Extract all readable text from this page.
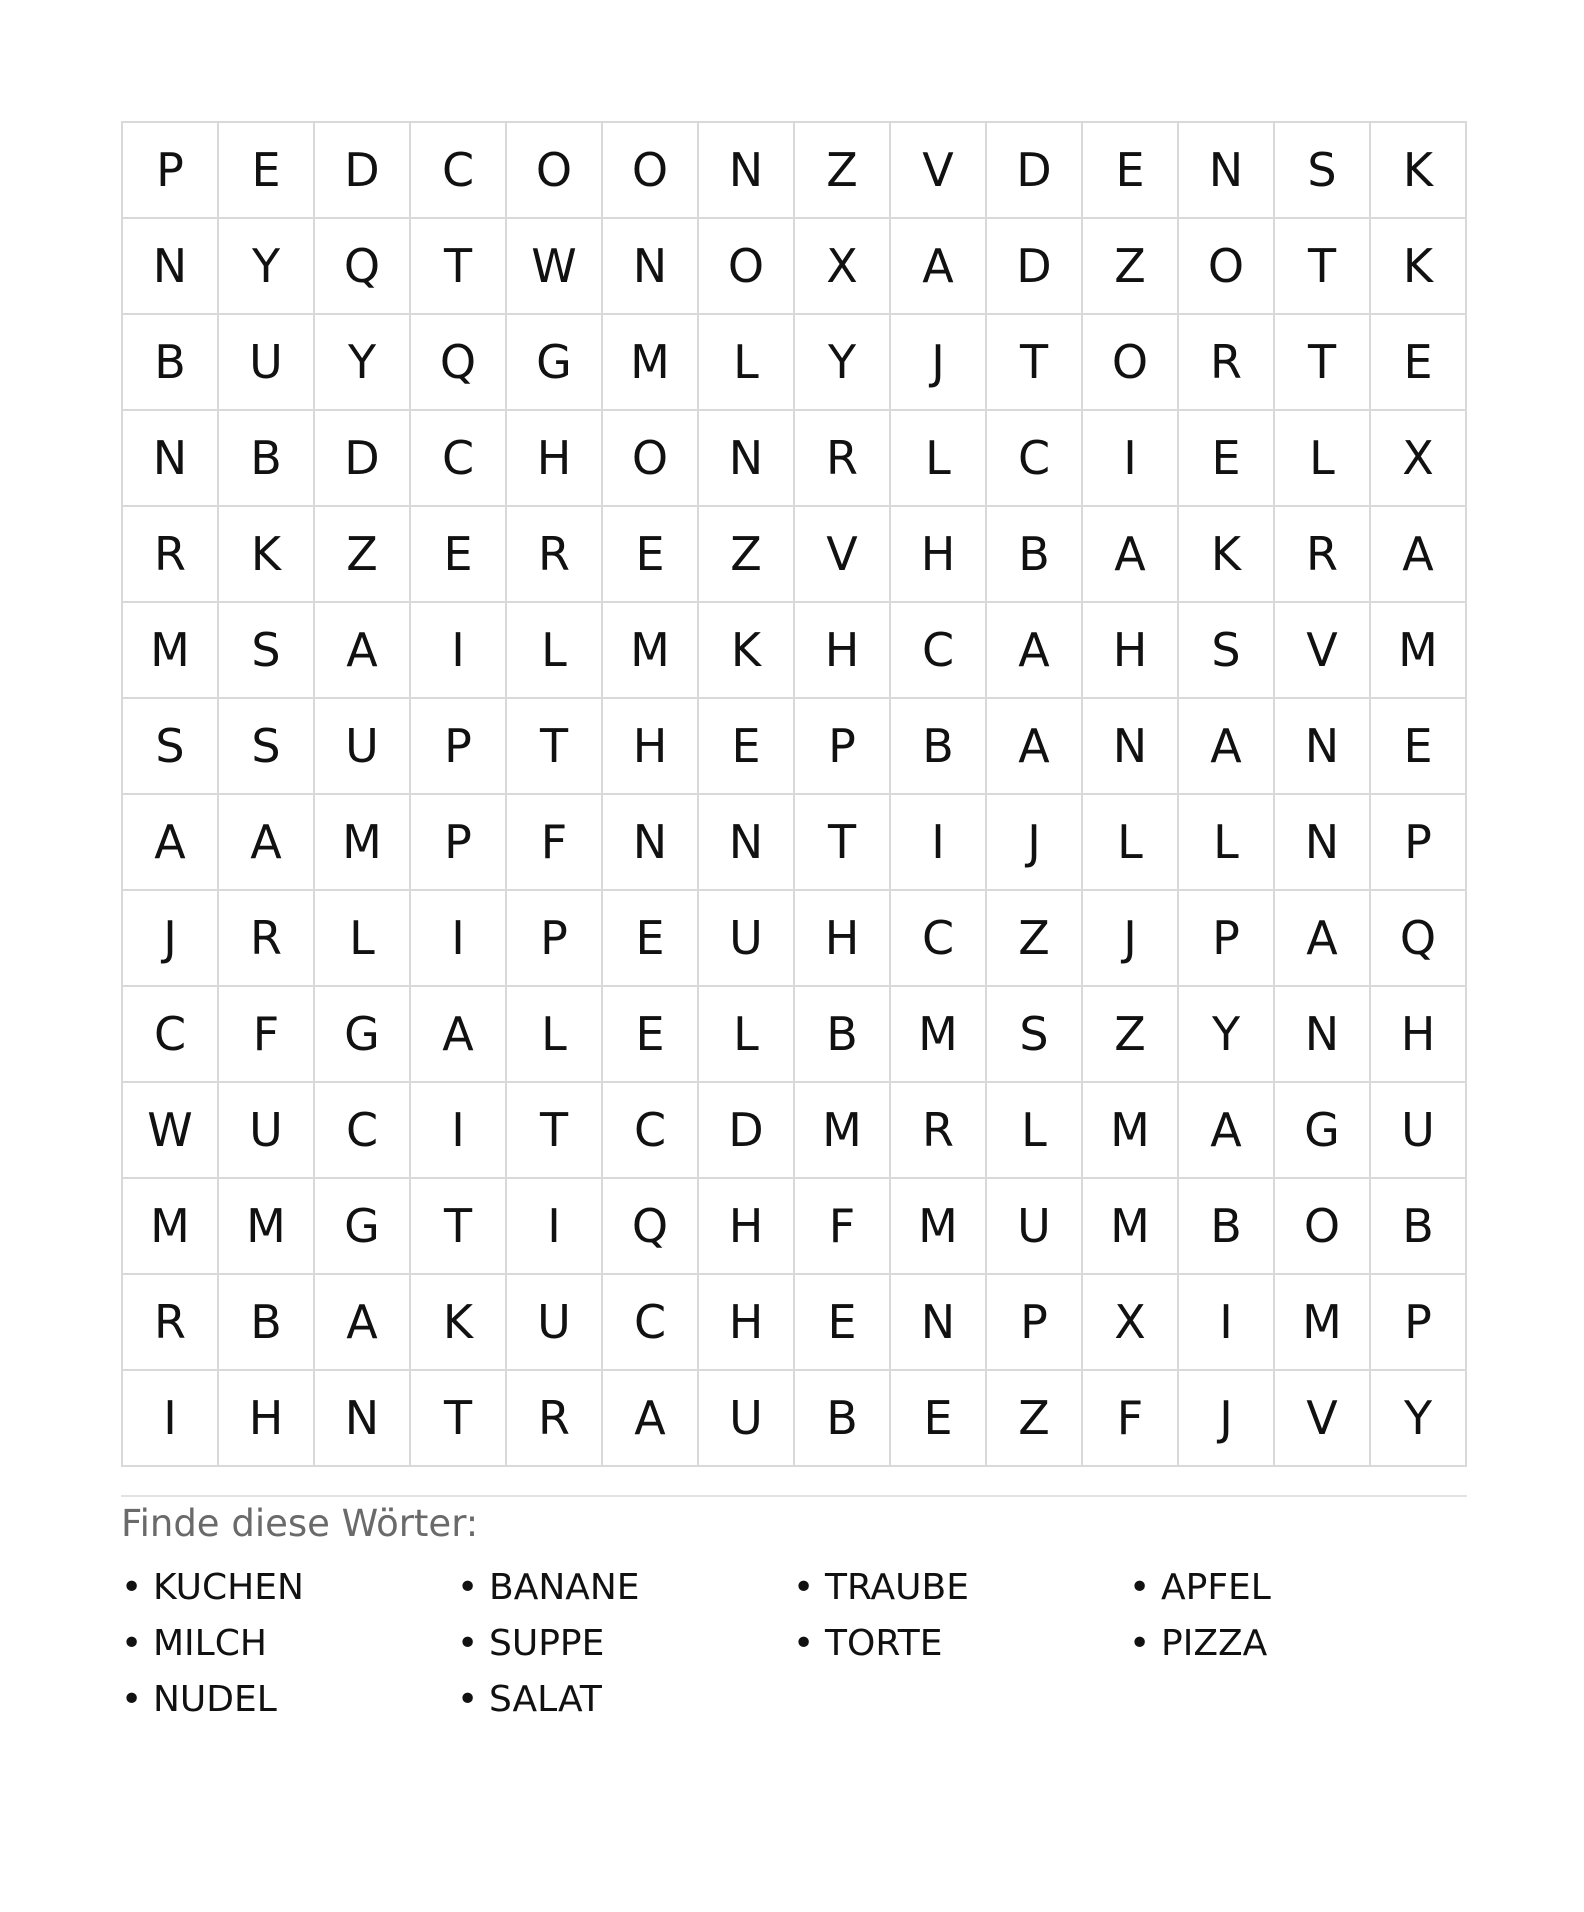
P	E	D	C	O	O	N	Z	V	D	E	N	S	K
N	Y	Q	T	W	N	O	X	A	D	Z	O	T	K
B	U	Y	Q	G	M	L	Y	J	T	O	R	T	E
N	B	D	C	H	O	N	R	L	C	I	E	L	X
R	K	Z	E	R	E	Z	V	H	B	A	K	R	A
M	S	A	I	L	M	K	H	C	A	H	S	V	M
S	S	U	P	T	H	E	P	B	A	N	A	N	E
A	A	M	P	F	N	N	T	I	J	L	L	N	P
J	R	L	I	P	E	U	H	C	Z	J	P	A	Q
C	F	G	A	L	E	L	B	M	S	Z	Y	N	H
W	U	C	I	T	C	D	M	R	L	M	A	G	U
M	M	G	T	I	Q	H	F	M	U	M	B	O	B
R	B	A	K	U	C	H	E	N	P	X	I	M	P
I	H	N	T	R	A	U	B	E	Z	F	J	V	Y
Finde diese Wörter:
• KUCHEN	• BANANE	• TRAUBE	• APFEL
• MILCH	• SUPPE	• TORTE	• PIZZA
• NUDEL	• SALAT
